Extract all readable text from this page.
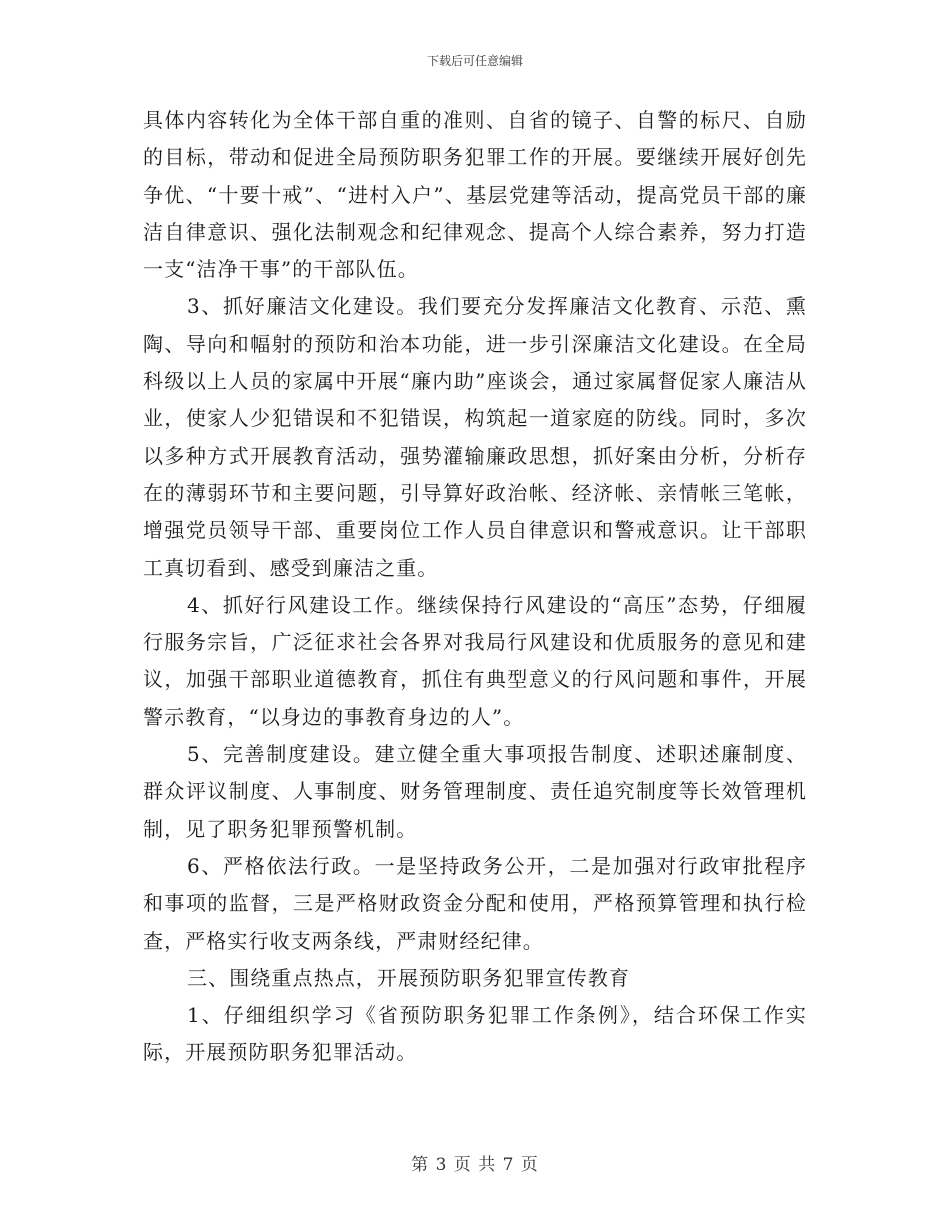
下载后可任意编辑

具体内容转化为全体干部自重的准则、自省的镜子、自警的标尺、自励的目标，带动和促进全局预防职务犯罪工作的开展。要继续开展好创先争优、“十要十戒”、“进村入户”、基层党建等活动，提高党员干部的廉洁自律意识、强化法制观念和纪律观念、提高个人综合素养，努力打造一支“洁净干事”的干部队伍。

3、抓好廉洁文化建设。我们要充分发挥廉洁文化教育、示范、熏陶、导向和幅射的预防和治本功能，进一步引深廉洁文化建设。在全局科级以上人员的家属中开展“廉内助”座谈会，通过家属督促家人廉洁从业，使家人少犯错误和不犯错误，构筑起一道家庭的防线。同时，多次以多种方式开展教育活动，强势灌输廉政思想，抓好案由分析，分析存在的薄弱环节和主要问题，引导算好政治帐、经济帐、亲情帐三笔帐，增强党员领导干部、重要岗位工作人员自律意识和警戒意识。让干部职工真切看到、感受到廉洁之重。

4、抓好行风建设工作。继续保持行风建设的“高压”态势，仔细履行服务宗旨，广泛征求社会各界对我局行风建设和优质服务的意见和建议，加强干部职业道德教育，抓住有典型意义的行风问题和事件，开展警示教育，“以身边的事教育身边的人”。

5、完善制度建设。建立健全重大事项报告制度、述职述廉制度、群众评议制度、人事制度、财务管理制度、责任追究制度等长效管理机制，见了职务犯罪预警机制。

6、严格依法行政。一是坚持政务公开，二是加强对行政审批程序和事项的监督，三是严格财政资金分配和使用，严格预算管理和执行检查，严格实行收支两条线，严肃财经纪律。

三、围绕重点热点，开展预防职务犯罪宣传教育

1、仔细组织学习《省预防职务犯罪工作条例》，结合环保工作实际，开展预防职务犯罪活动。

第 3 页 共 7 页
